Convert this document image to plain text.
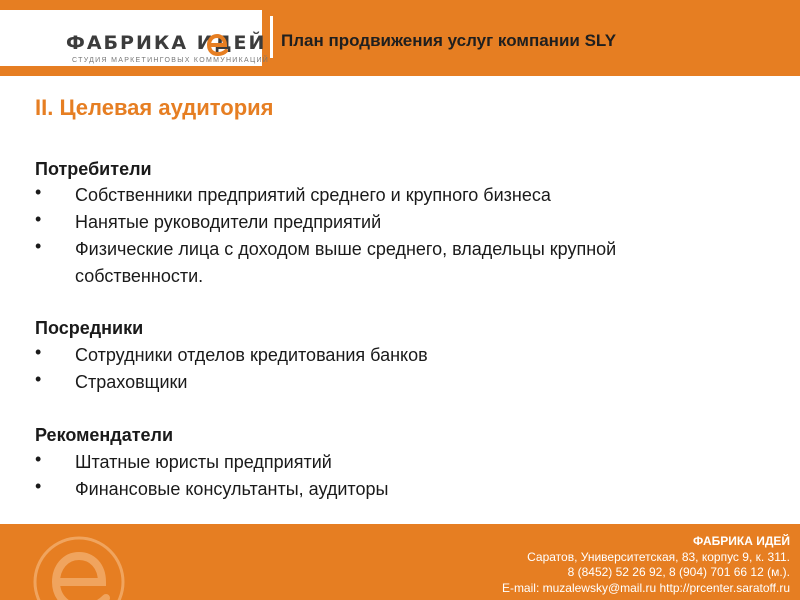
ФАБРИКА ИДЕЙ
СТУДИЯ МАРКЕТИНГОВЫХ КОММУНИКАЦИЙ
План продвижения услуг компании SLY
II. Целевая аудитория
Потребители
•	Собственники предприятий среднего и крупного бизнеса
•	Нанятые руководители предприятий
•	Физические лица с доходом выше среднего, владельцы крупной собственности.
Посредники
•	Сотрудники отделов кредитования банков
•	Страховщики
Рекомендатели
•	Штатные юристы предприятий
•	Финансовые консультанты, аудиторы
ФАБРИКА ИДЕЙ
Саратов, Университетская, 83, корпус 9, к. 311.
8 (8452) 52 26 92, 8 (904) 701 66 12 (м.).
E-mail: muzalewsky@mail.ru http://prcenter.saratoff.ru
